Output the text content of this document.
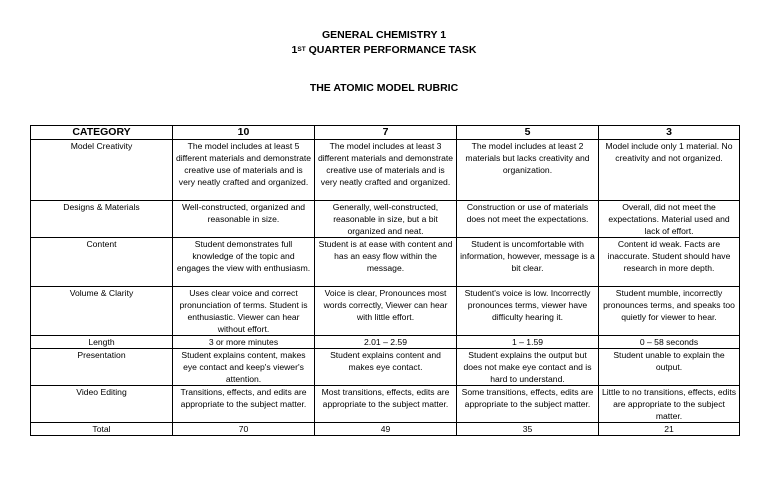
GENERAL CHEMISTRY 1
1ST QUARTER PERFORMANCE TASK
THE ATOMIC MODEL RUBRIC
CATEGORY	10	7	5	3
Model Creativity	The model includes at least 5 different materials and demonstrate creative use of materials and is very neatly crafted and organized.	The model includes at least 3 different materials and demonstrate creative use of materials and is very neatly crafted and organized.	The model includes at least 2 materials but lacks creativity and organization.	Model include only 1 material. No creativity and not organized.
Designs & Materials	Well-constructed, organized and reasonable in size.	Generally, well-constructed, reasonable in size, but a bit organized and neat.	Construction or use of materials does not meet the expectations.	Overall, did not meet the expectations. Material used and lack of effort.
Content	Student demonstrates full knowledge of the topic and engages the view with enthusiasm.	Student is at ease with content and has an easy flow within the message.	Student is uncomfortable with information, however, message is a bit clear.	Content id weak. Facts are inaccurate. Student should have research in more depth.
Volume & Clarity	Uses clear voice and correct pronunciation of terms. Student is enthusiastic. Viewer can hear without effort.	Voice is clear, Pronounces most words correctly, Viewer can hear with little effort.	Student's voice is low. Incorrectly pronounces terms, viewer have difficulty hearing it.	Student mumble, incorrectly pronounces terms, and speaks too quietly for viewer to hear.
Length	3 or more minutes	2.01 – 2.59	1 – 1.59	0 – 58 seconds
Presentation	Student explains content, makes eye contact and keep's viewer's attention.	Student explains content and makes eye contact.	Student explains the output but does not make eye contact and is hard to understand.	Student unable to explain the output.
Video Editing	Transitions, effects, and edits are appropriate to the subject matter.	Most transitions, effects, edits are appropriate to the subject matter.	Some transitions, effects, edits are appropriate to the subject matter.	Little to no transitions, effects, edits are appropriate to the subject matter.
Total	70	49	35	21
